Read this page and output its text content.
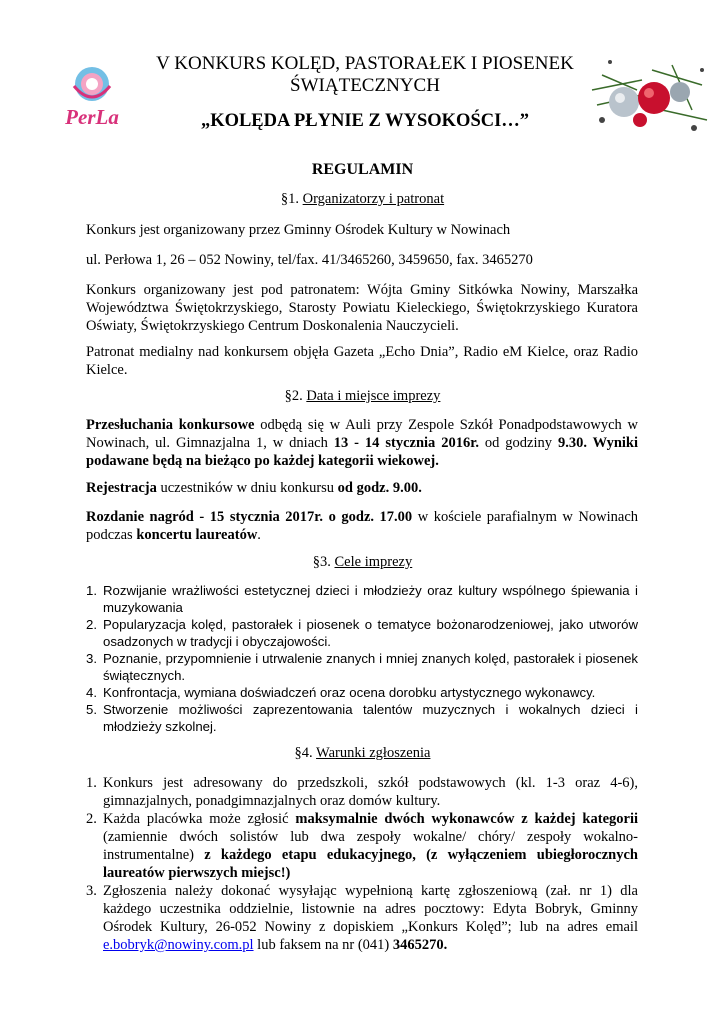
PerLa
V KONKURS KOLĘD, PASTORAŁEK I PIOSENEK
ŚWIĄTECZNYCH
„KOLĘDA PŁYNIE Z WYSOKOŚCI…”
REGULAMIN
§1. Organizatorzy i patronat
Konkurs jest organizowany przez Gminny Ośrodek Kultury w Nowinach
ul. Perłowa 1, 26 – 052 Nowiny, tel/fax. 41/3465260, 3459650, fax. 3465270
Konkurs organizowany jest pod patronatem: Wójta Gminy Sitkówka Nowiny, Marszałka Województwa Świętokrzyskiego, Starosty Powiatu Kieleckiego, Świętokrzyskiego Kuratora Oświaty, Świętokrzyskiego Centrum Doskonalenia Nauczycieli.
Patronat medialny nad konkursem objęła Gazeta „Echo Dnia”, Radio eM Kielce, oraz Radio Kielce.
§2. Data i miejsce imprezy
Przesłuchania konkursowe odbędą się w Auli przy Zespole Szkół Ponadpodstawowych w Nowinach, ul. Gimnazjalna 1, w dniach 13 - 14 stycznia 2016r. od godziny 9.30. Wyniki podawane będą na bieżąco po każdej kategorii wiekowej.
Rejestracja uczestników w dniu konkursu od godz. 9.00.
Rozdanie nagród - 15 stycznia 2017r. o godz. 17.00 w kościele parafialnym w Nowinach podczas koncertu laureatów.
§3. Cele imprezy
1. Rozwijanie wrażliwości estetycznej dzieci i młodzieży oraz kultury wspólnego śpiewania i muzykowania
2. Popularyzacja kolęd, pastorałek i piosenek o tematyce bożonarodzeniowej, jako utworów osadzonych w tradycji i obyczajowości.
3. Poznanie, przypomnienie i utrwalenie znanych i mniej znanych kolęd, pastorałek i piosenek świątecznych.
4. Konfrontacja, wymiana doświadczeń oraz ocena dorobku artystycznego wykonawcy.
5. Stworzenie możliwości zaprezentowania talentów muzycznych i wokalnych dzieci i młodzieży szkolnej.
§4. Warunki zgłoszenia
1. Konkurs jest adresowany do przedszkoli, szkół podstawowych (kl. 1-3 oraz 4-6), gimnazjalnych, ponadgimnazjalnych oraz domów kultury.
2. Każda placówka może zgłosić maksymalnie dwóch wykonawców z każdej kategorii (zamiennie dwóch solistów lub dwa zespoły wokalne/ chóry/ zespoły wokalno-instrumentalne) z każdego etapu edukacyjnego, (z wyłączeniem ubiegłorocznych laureatów pierwszych miejsc!)
3. Zgłoszenia należy dokonać wysyłając wypełnioną kartę zgłoszeniową (zał. nr 1) dla każdego uczestnika oddzielnie, listownie na adres pocztowy: Edyta Bobryk, Gminny Ośrodek Kultury, 26-052 Nowiny z dopiskiem „Konkurs Kolęd”; lub na adres email e.bobryk@nowiny.com.pl lub faksem na nr (041) 3465270.
